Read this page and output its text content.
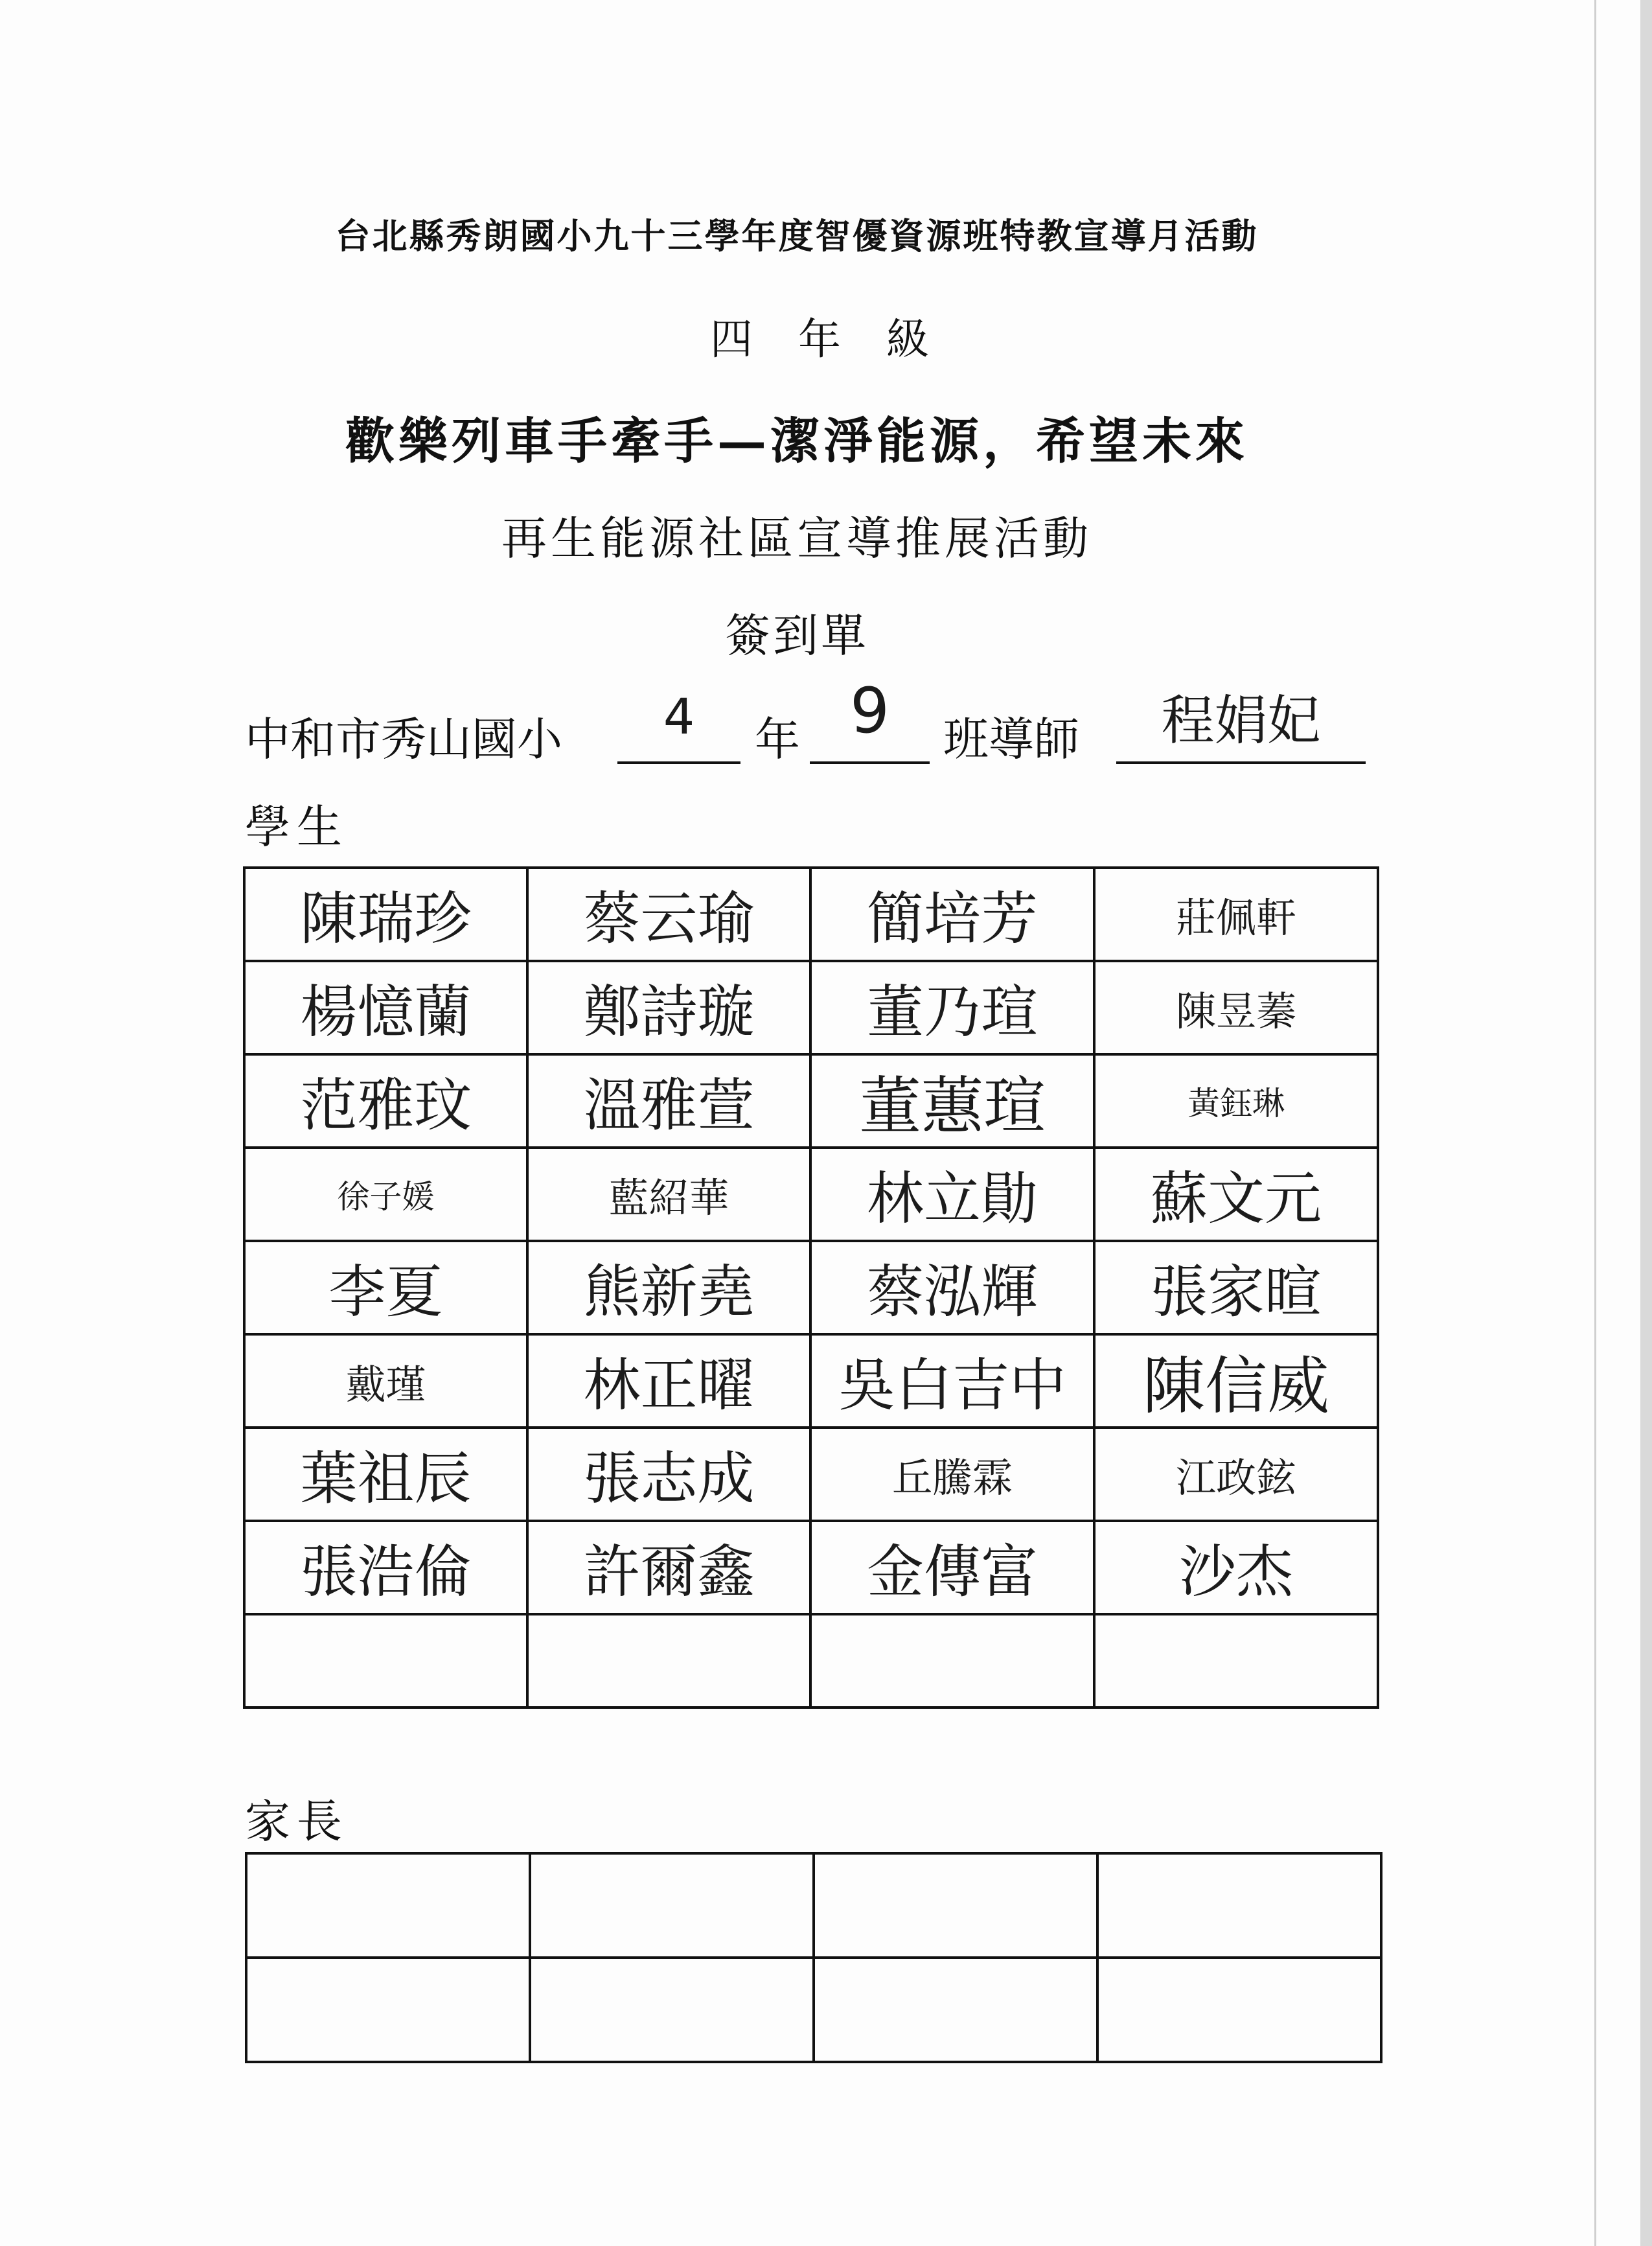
台北縣秀朗國小九十三學年度智優資源班特教宣導月活動
四年級
歡樂列車手牽手—潔淨能源，希望未來
再生能源社區宣導推展活動
簽到單
中和市秀山國小	4	年 9	班導師	程娟妃
學生
陳瑞珍	蔡云瑜	簡培芳	莊佩軒
楊憶蘭	鄭詩璇	董乃瑄	陳昱蓁
范雅玟	溫雅萱	董蕙瑄	黃鈺琳
徐子媛	藍紹華	林立勛	蘇文元
李夏	熊新堯	蔡泓輝	張家暄
戴瑾	林正曜	吳白吉中	陳信威
葉祖辰	張志成	丘騰霖	江政鉉
張浩倫	許爾鑫	金傳富	沙杰

家長
